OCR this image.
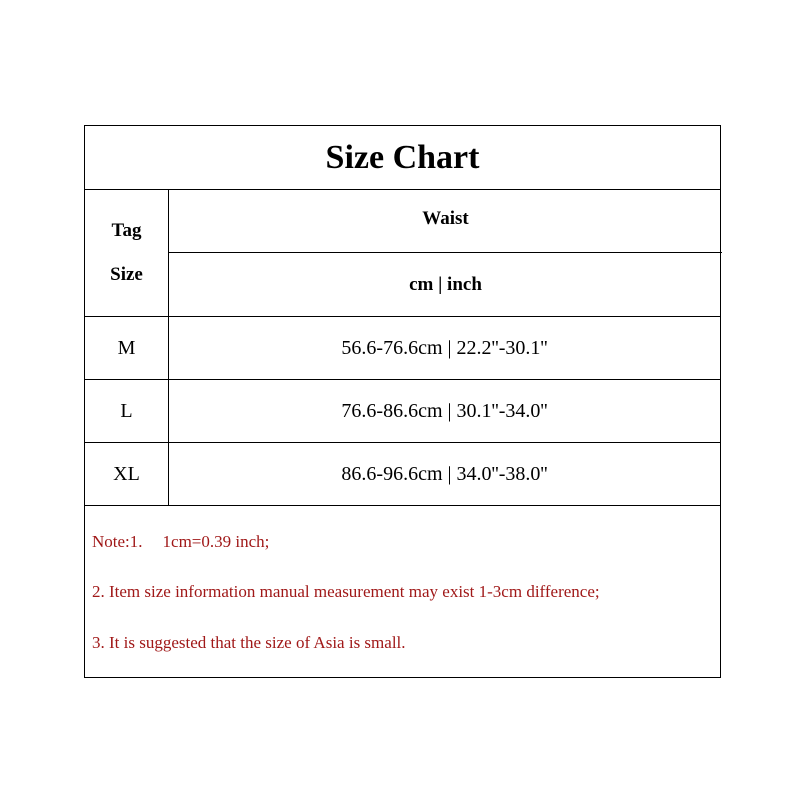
Size Chart
Tag
Size
Waist
cm | inch
M	56.6-76.6cm | 22.2''-30.1''
L	76.6-86.6cm | 30.1''-34.0''
XL	86.6-96.6cm | 34.0''-38.0''
Note:1. 1cm=0.39 inch;
2. Item size information manual measurement may exist 1-3cm difference;
3. It is suggested that the size of Asia is small.
